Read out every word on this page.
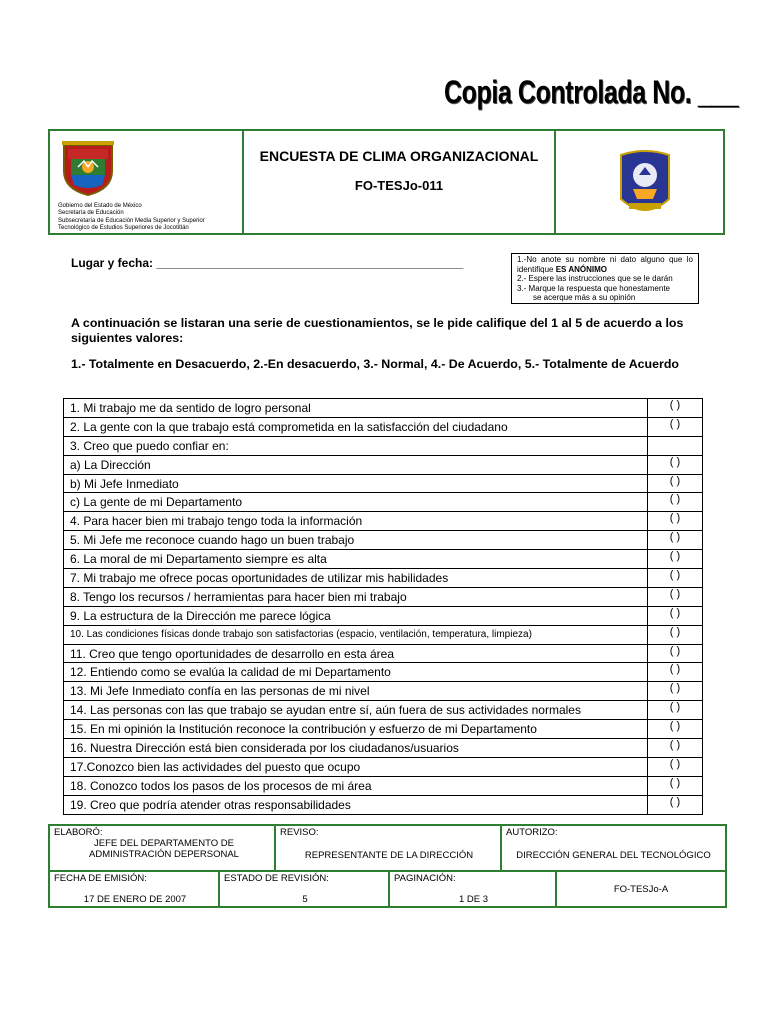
Copia Controlada No. ___
Gobierno del Estado de México
Secretaría de Educación
Subsecretaría de Educación Media Superior y Superior
Tecnológico de Estudios Superiores de Jocotitlán
ENCUESTA DE CLIMA ORGANIZACIONAL
FO-TESJo-011
Lugar y fecha: ______________________________________________	1.-No anote su nombre ni dato alguno que lo identifique ES ANÓNIMO
2.- Espere las instrucciones que se le darán
3.- Marque la respuesta que honestamente
se acerque más a su opinión
A continuación se listaran una serie de cuestionamientos, se le pide califique del 1 al 5 de acuerdo a los siguientes valores:
1.- Totalmente en Desacuerdo, 2.-En desacuerdo, 3.- Normal, 4.- De Acuerdo, 5.- Totalmente de Acuerdo
1. Mi trabajo me da sentido de logro personal	( )
2. La gente con la que trabajo está comprometida en la satisfacción del ciudadano	( )
3. Creo que puedo confiar en:	
a) La Dirección	( )
b) Mi Jefe Inmediato	( )
c) La gente de mi Departamento	( )
4. Para hacer bien mi trabajo tengo toda la información	( )
5. Mi Jefe me reconoce cuando hago un buen trabajo	( )
6. La moral de mi Departamento siempre es alta	( )
7. Mi trabajo me ofrece pocas oportunidades de utilizar mis habilidades	( )
8. Tengo los recursos / herramientas para hacer bien mi trabajo	( )
9. La estructura de la Dirección me parece lógica	( )
10. Las condiciones físicas donde trabajo son satisfactorias (espacio, ventilación, temperatura, limpieza)	( )
11. Creo que tengo oportunidades de desarrollo en esta área	( )
12. Entiendo como se evalúa la calidad de mi Departamento	( )
13. Mi Jefe Inmediato confía en las personas de mi nivel	( )
14. Las personas con las que trabajo se ayudan entre sí, aún fuera de sus actividades normales	( )
15. En mi opinión la Institución reconoce la contribución y esfuerzo de mi Departamento	( )
16. Nuestra Dirección está bien considerada por los ciudadanos/usuarios	( )
17.Conozco bien las actividades del puesto que ocupo	( )
18. Conozco todos los pasos de los procesos de mi área	( )
19. Creo que podría atender otras responsabilidades	( )
ELABORÓ:
JEFE DEL DEPARTAMENTO DE ADMINISTRACIÓN DEPERSONAL
REVISO:
REPRESENTANTE DE LA DIRECCIÓN
AUTORIZO:
DIRECCIÓN GENERAL DEL TECNOLÓGICO
FECHA DE EMISIÓN:
17 DE ENERO DE 2007
ESTADO DE REVISIÓN:
5
PAGINACIÓN:
1 DE 3
FO-TESJo-A
